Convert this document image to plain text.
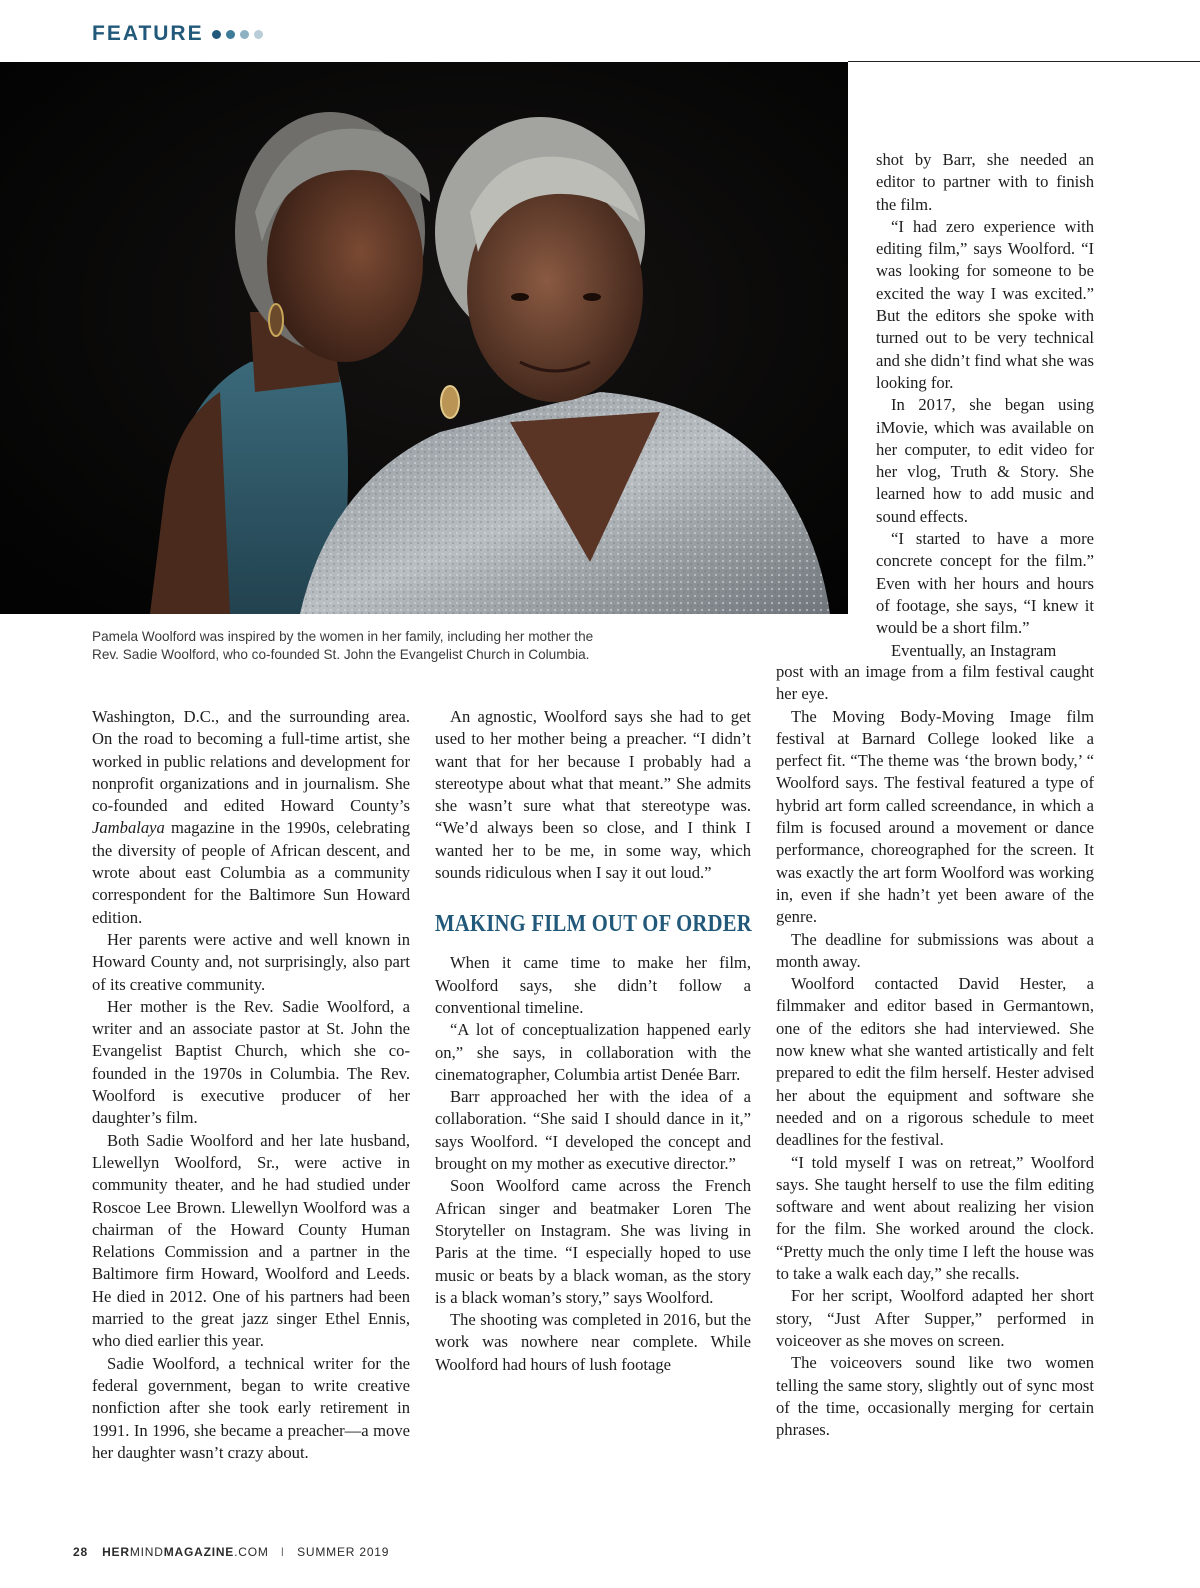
FEATURE

Pamela Woolford was inspired by the women in her family, including her mother the

Rev. Sadie Woolford, who co-founded St. John the Evangelist Church in Columbia.

Washington, D.C., and the surrounding area. On the road to becoming a full-time artist, she worked in public relations and development for nonprofit organizations and in journalism. She co-founded and edited Howard County’s Jambalaya magazine in the 1990s, celebrating the diversity of people of African descent, and wrote about east Columbia as a community correspondent for the Baltimore Sun Howard edition.

Her parents were active and well known in Howard County and, not surprisingly, also part of its creative community.

Her mother is the Rev. Sadie Woolford, a writer and an associate pastor at St. John the Evangelist Baptist Church, which she co-founded in the 1970s in Columbia. The Rev. Woolford is executive producer of her daughter’s film.

Both Sadie Woolford and her late husband, Llewellyn Woolford, Sr., were active in community theater, and he had studied under Roscoe Lee Brown. Llewellyn Woolford was a chairman of the Howard County Human Relations Commission and a partner in the Baltimore firm Howard, Woolford and Leeds. He died in 2012. One of his partners had been married to the great jazz singer Ethel Ennis, who died earlier this year.

Sadie Woolford, a technical writer for the federal government, began to write creative nonfiction after she took early retirement in 1991. In 1996, she became a preacher—a move her daughter wasn’t crazy about.

An agnostic, Woolford says she had to get used to her mother being a preacher. “I didn’t want that for her because I probably had a stereotype about what that meant.” She admits she wasn’t sure what that stereotype was. “We’d always been so close, and I think I wanted her to be me, in some way, which sounds ridiculous when I say it out loud.”

MAKING FILM OUT OF ORDER

When it came time to make her film, Woolford says, she didn’t follow a conventional timeline.

“A lot of conceptualization happened early on,” she says, in collaboration with the cinematographer, Columbia artist Denée Barr.

Barr approached her with the idea of a collaboration. “She said I should dance in it,” says Woolford. “I developed the concept and brought on my mother as executive director.”

Soon Woolford came across the French African singer and beatmaker Loren The Storyteller on Instagram. She was living in Paris at the time. “I especially hoped to use music or beats by a black woman, as the story is a black woman’s story,” says Woolford.

The shooting was completed in 2016, but the work was nowhere near complete. While Woolford had hours of lush footage

shot by Barr, she needed an editor to partner with to finish the film.

“I had zero experience with editing film,” says Woolford. “I was looking for someone to be excited the way I was excited.” But the editors she spoke with turned out to be very technical and she didn’t find what she was looking for.

In 2017, she began using iMovie, which was available on her computer, to edit video for her vlog, Truth & Story. She learned how to add music and sound effects.

“I started to have a more concrete concept for the film.” Even with her hours and hours of footage, she says, “I knew it would be a short film.”

Eventually, an Instagram

post with an image from a film festival caught her eye.

The Moving Body-Moving Image film festival at Barnard College looked like a perfect fit. “The theme was ‘the brown body,’ “ Woolford says. The festival featured a type of hybrid art form called screendance, in which a film is focused around a movement or dance performance, choreographed for the screen. It was exactly the art form Woolford was working in, even if she hadn’t yet been aware of the genre.

The deadline for submissions was about a month away.

Woolford contacted David Hester, a filmmaker and editor based in Germantown, one of the editors she had interviewed. She now knew what she wanted artistically and felt prepared to edit the film herself. Hester advised her about the equipment and software she needed and on a rigorous schedule to meet deadlines for the festival.

“I told myself I was on retreat,” Woolford says. She taught herself to use the film editing software and went about realizing her vision for the film. She worked around the clock. “Pretty much the only time I left the house was to take a walk each day,” she recalls.

For her script, Woolford adapted her short story, “Just After Supper,” performed in voiceover as she moves on screen.

The voiceovers sound like two women telling the same story, slightly out of sync most of the time, occasionally merging for certain phrases.

28 HERMINDMAGAZINE.COM I SUMMER 2019
